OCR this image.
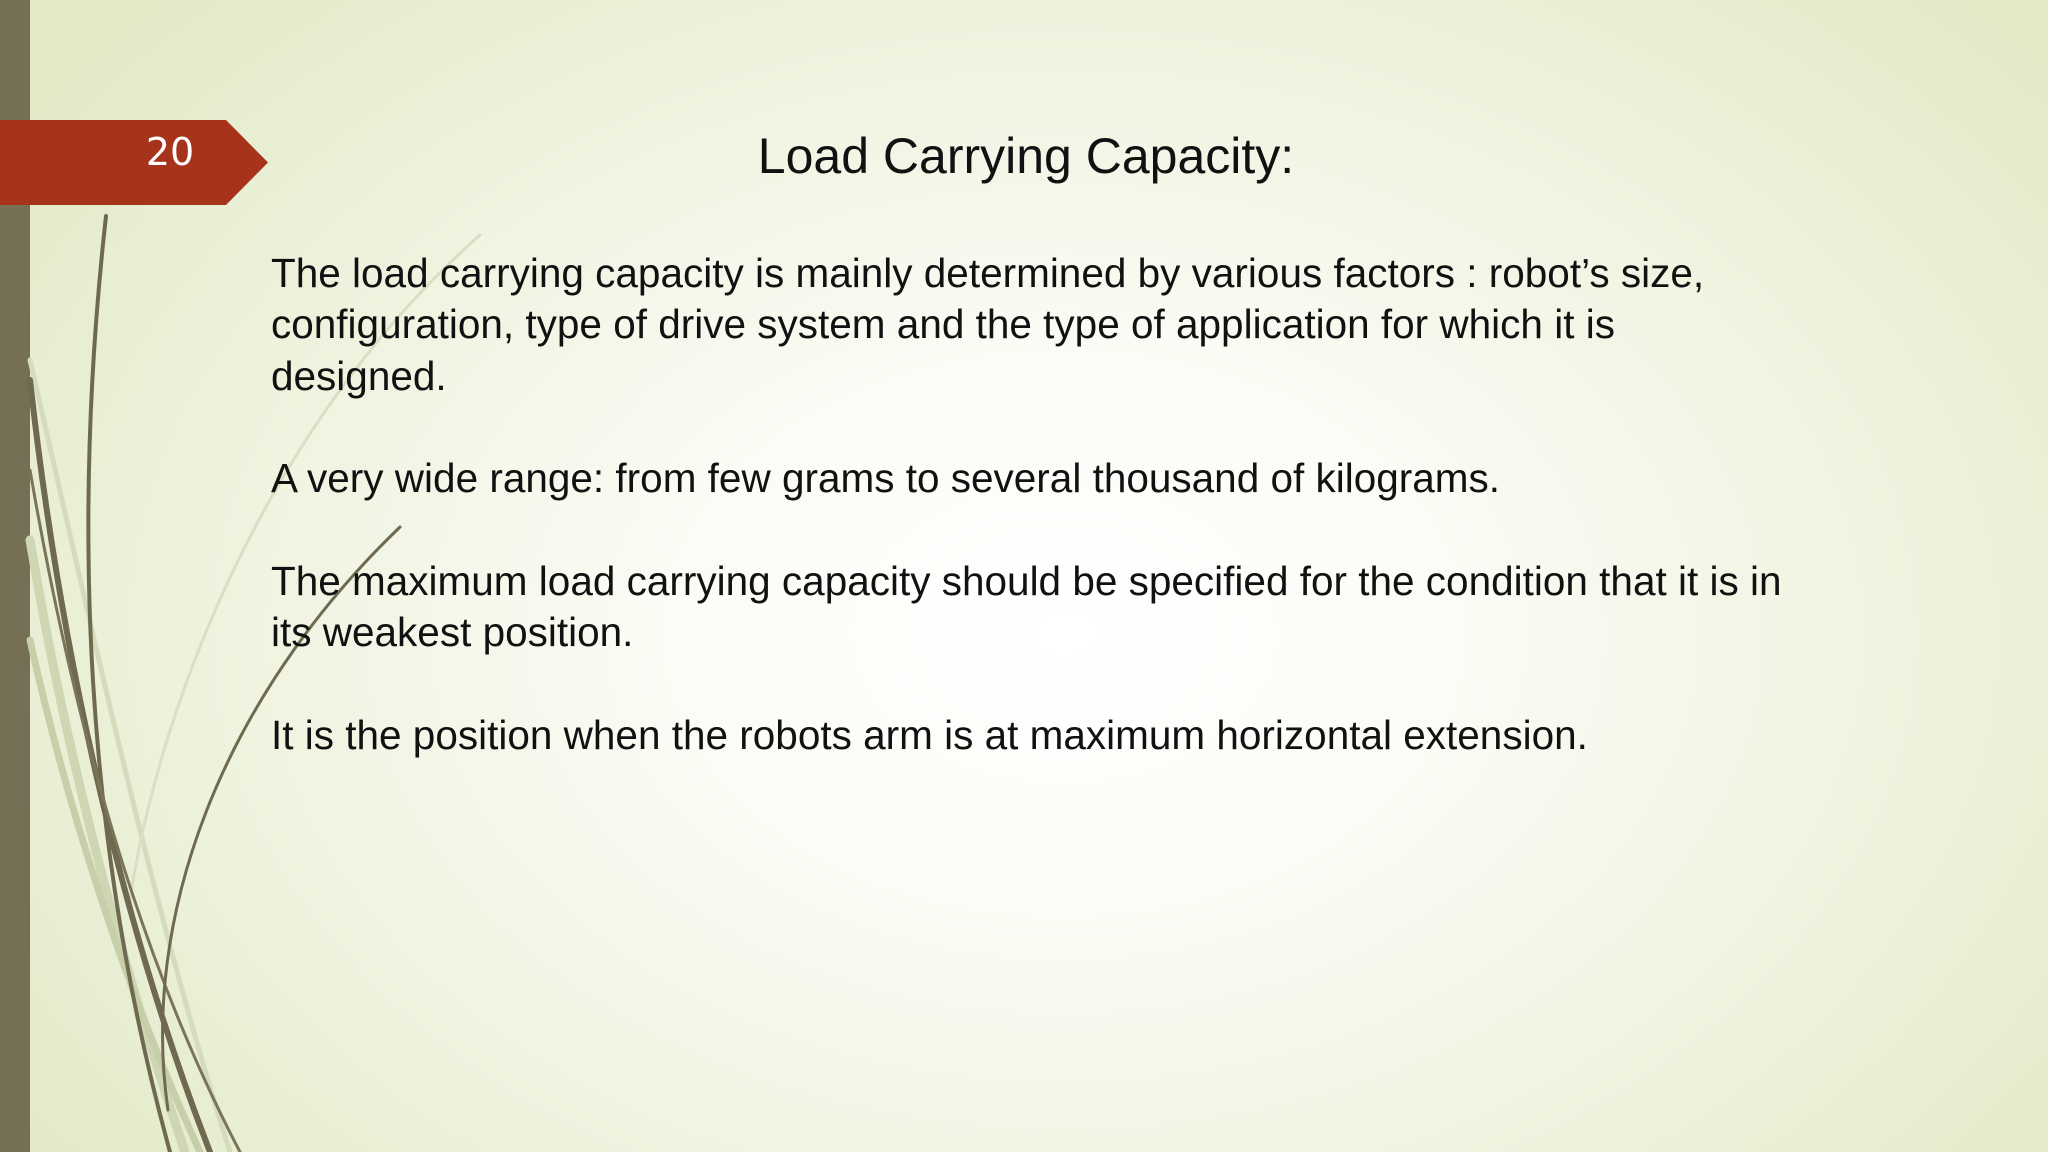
20	Load Carrying Capacity:

The load carrying capacity is mainly determined by various factors : robot’s size, configuration, type of drive system and the type of application for which it is designed.

A very wide range: from few grams to several thousand of kilograms.

The maximum load carrying capacity should be specified for the condition that it is in its weakest position.

It is the position when the robots arm is at maximum horizontal extension.
